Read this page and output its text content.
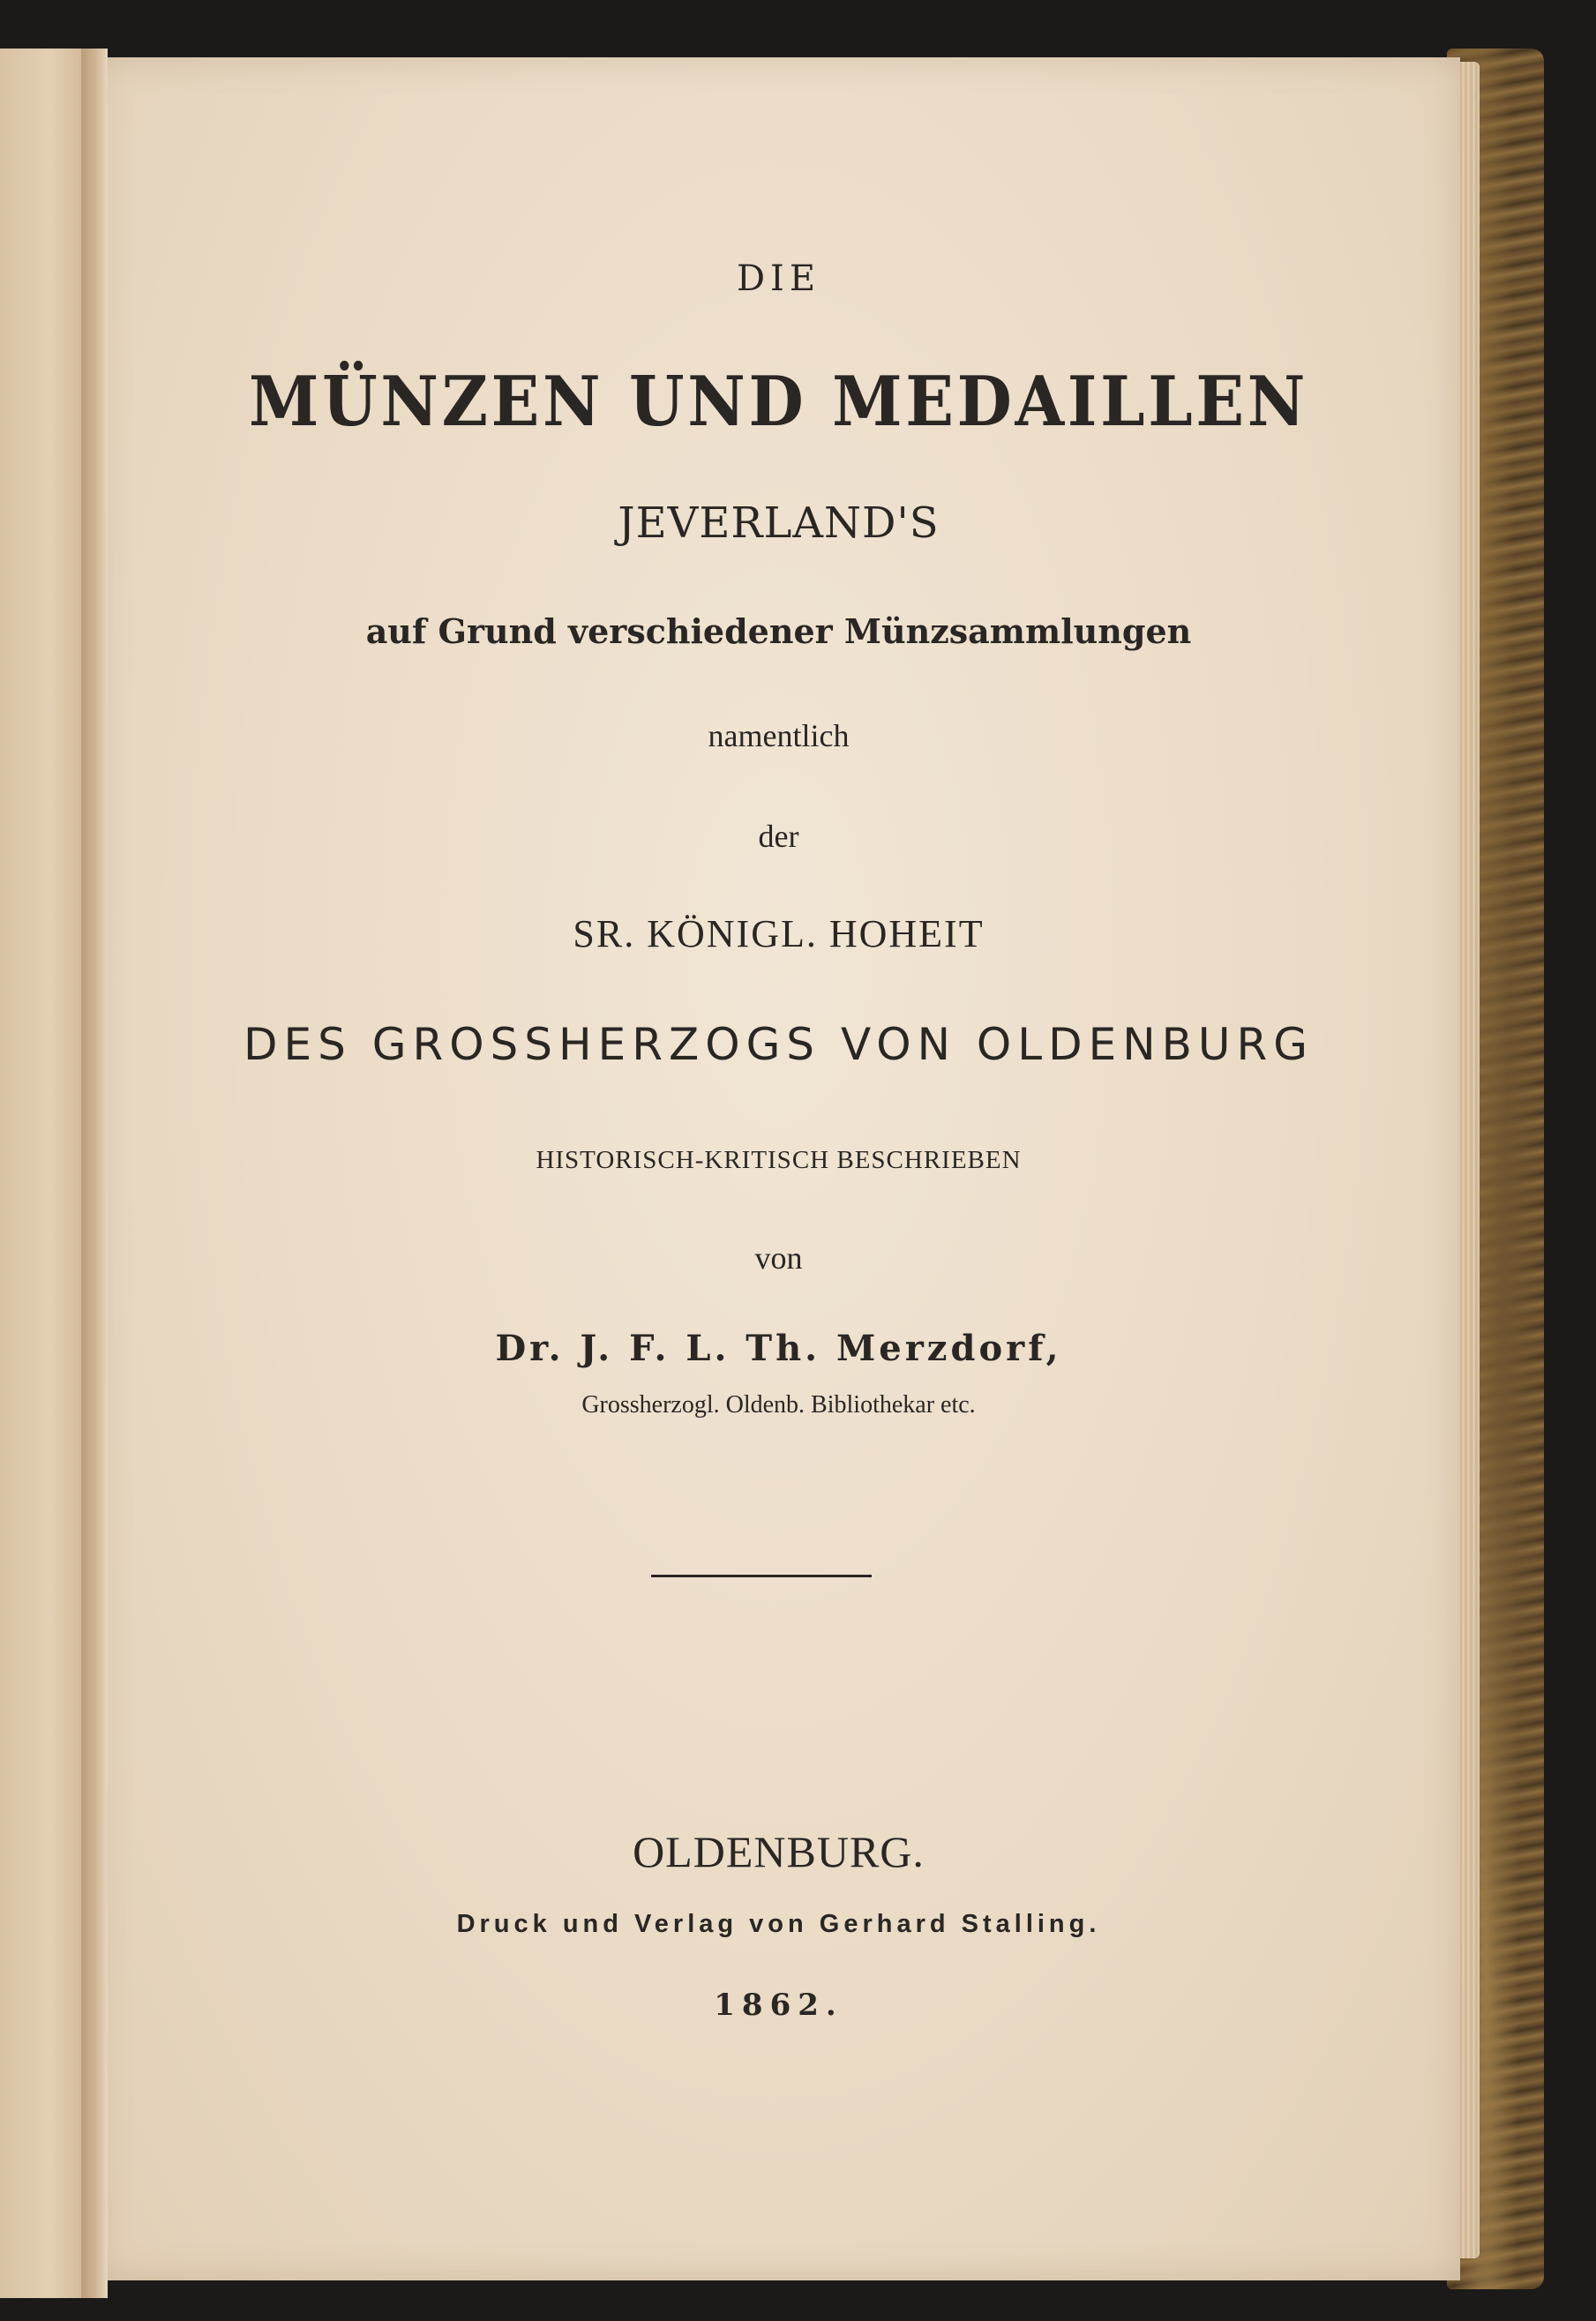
DIE
MÜNZEN UND MEDAILLEN
JEVERLAND'S
auf Grund verschiedener Münzsammlungen
namentlich
der
SR. KÖNIGL. HOHEIT
DES GROSSHERZOGS VON OLDENBURG
HISTORISCH-KRITISCH BESCHRIEBEN
von
Dr. J. F. L. Th. Merzdorf,
Grossherzogl. Oldenb. Bibliothekar etc.
OLDENBURG.
Druck und Verlag von Gerhard Stalling.
1862.
